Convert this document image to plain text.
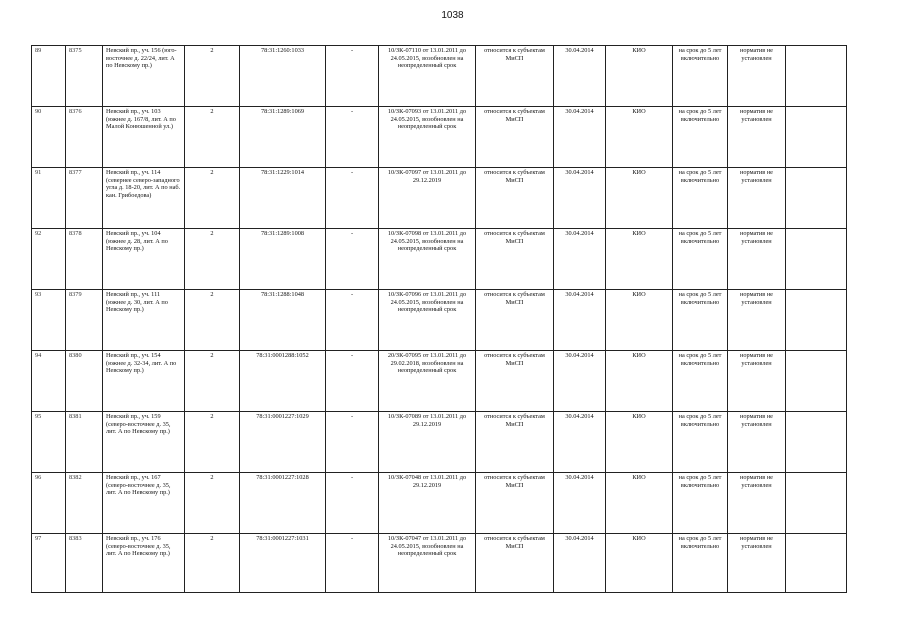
1038
89	8375	Невский пр., уч. 156 (юго-восточнее д. 22/24, лит. А по Невскому пр.)	2	78:31:1260:1033	-	10/ЗК-07110 от 13.01.2011 до 24.05.2015, возобновлен на неопределенный срок	относится к субъектам МиСП	30.04.2014	КИО	на срок до 5 лет включительно	норматив не установлен	
90	8376	Невский пр., уч. 103 (южнее д. 167/8, лит. А по Малой Конюшенной ул.)	2	78:31:1289:1069	-	10/ЗК-07093 от 13.01.2011 до 24.05.2015, возобновлен на неопределенный срок	относится к субъектам МиСП	30.04.2014	КИО	на срок до 5 лет включительно	норматив не установлен	
91	8377	Невский пр., уч. 114 (севернее северо-западного угла д. 18-20, лит. А по наб. кан. Грибоедова)	2	78:31:1229:1014	-	10/ЗК-07097 от 13.01.2011 до 29.12.2019	относится к субъектам МиСП	30.04.2014	КИО	на срок до 5 лет включительно	норматив не установлен	
92	8378	Невский пр., уч. 104 (южнее д. 28, лит. А по Невскому пр.)	2	78:31:1289:1008	-	10/ЗК-07098 от 13.01.2011 до 24.05.2015, возобновлен на неопределенный срок	относится к субъектам МиСП	30.04.2014	КИО	на срок до 5 лет включительно	норматив не установлен	
93	8379	Невский пр., уч. 111 (южнее д. 30, лит. А по Невскому пр.)	2	78:31:1288:1048	-	10/ЗК-07096 от 13.01.2011 до 24.05.2015, возобновлен на неопределенный срок	относится к субъектам МиСП	30.04.2014	КИО	на срок до 5 лет включительно	норматив не установлен	
94	8380	Невский пр., уч. 154 (южнее д. 32-34, лит. А по Невскому пр.)	2	78:31:0001288:1052	-	20/ЗК-07095 от 13.01.2011 до 29.02.2018, возобновлен на неопределенный срок	относится к субъектам МиСП	30.04.2014	КИО	на срок до 5 лет включительно	норматив не установлен	
95	8381	Невский пр., уч. 159 (северо-восточнее д. 35, лит. А по Невскому пр.)	2	78:31:0001227:1029	-	10/ЗК-07089 от 13.01.2011 до 29.12.2019	относится к субъектам МиСП	30.04.2014	КИО	на срок до 5 лет включительно	норматив не установлен	
96	8382	Невский пр., уч. 167 (северо-восточнее д. 35, лит. А по Невскому пр.)	2	78:31:0001227:1028	-	10/ЗК-07048 от 13.01.2011 до 29.12.2019	относится к субъектам МиСП	30.04.2014	КИО	на срок до 5 лет включительно	норматив не установлен	
97	8383	Невский пр., уч. 176 (северо-восточнее д. 35, лит. А по Невскому пр.)	2	78:31:0001227:1031	-	10/ЗК-07047 от 13.01.2011 до 24.05.2015, возобновлен на неопределенный срок	относится к субъектам МиСП	30.04.2014	КИО	на срок до 5 лет включительно	норматив не установлен	
